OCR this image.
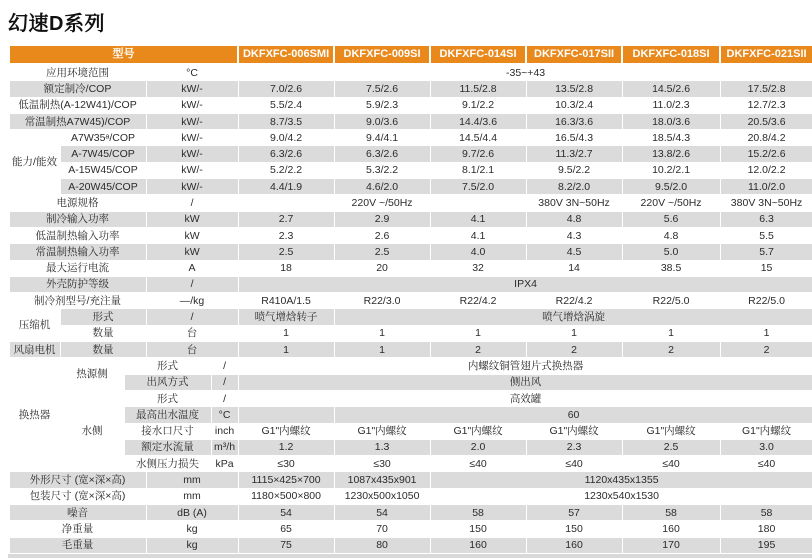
幻速D系列
型号					DKFXFC-006SMI	DKFXFC-009SI	DKFXFC-014SI	DKFXFC-017SII	DKFXFC-018SI	DKFXFC-021SII
应用环境范围			°C		-35~+43					
额定制冷/COP			kW/-		7.0/2.6	7.5/2.6	11.5/2.8	13.5/2.8	14.5/2.6	17.5/2.8
低温制热(A-12W41)/COP			kW/-		5.5/2.4	5.9/2.3	9.1/2.2	10.3/2.4	11.0/2.3	12.7/2.3
常温制热A7W45)/COP			kW/-		8.7/3.5	9.0/3.6	14.4/3.6	16.3/3.6	18.0/3.6	20.5/3.6
能力/能效	A7W35ᵃ/COP		kW/-		9.0/4.2	9.4/4.1	14.5/4.4	16.5/4.3	18.5/4.3	20.8/4.2
	A-7W45/COP		kW/-		6.3/2.6	6.3/2.6	9.7/2.6	11.3/2.7	13.8/2.6	15.2/2.6
	A-15W45/COP		kW/-		5.2/2.2	5.3/2.2	8.1/2.1	9.5/2.2	10.2/2.1	12.0/2.2
	A-20W45/COP		kW/-		4.4/1.9	4.6/2.0	7.5/2.0	8.2/2.0	9.5/2.0	11.0/2.0
电源规格			/		220V ~/50Hz			380V 3N~50Hz	220V ~/50Hz	380V 3N~50Hz
制冷输入功率			kW		2.7	2.9	4.1	4.8	5.6	6.3
低温制热输入功率			kW		2.3	2.6	4.1	4.3	4.8	5.5
常温制热输入功率			kW		2.5	2.5	4.0	4.5	5.0	5.7
最大运行电流			A		18	20	32	14	38.5	15
外壳防护等级			/		IPX4					
制冷剂型号/充注量			—/kg		R410A/1.5	R22/3.0	R22/4.2	R22/4.2	R22/5.0	R22/5.0
压缩机	形式		/		喷气增焓转子	喷气增焓涡旋				
	数量		台		1	1	1	1	1	1
风扇电机	数量		台		1	1	2	2	2	2
换热器	热源侧	形式		/	内螺纹铜管翅片式换热器					
		出风方式		/	侧出风					
	水侧	形式		/	高效罐					
		最高出水温度		°C		60				
		接水口尺寸		inch	G1"内螺纹	G1"内螺纹	G1"内螺纹	G1"内螺纹	G1"内螺纹	G1"内螺纹
		额定水流量		m³/h	1.2	1.3	2.0	2.3	2.5	3.0
		水侧压力损失		kPa	≤30	≤30	≤40	≤40	≤40	≤40
外形尺寸 (宽×深×高)			mm		1115×425×700	1087x435x901	1120x435x1355			
包装尺寸 (宽×深×高)			mm		1180×500×800	1230x500x1050	1230x540x1530			
噪音			dB (A)		54	54	58	57	58	58
净重量			kg		65	70	150	150	160	180
毛重量			kg		75	80	160	160	170	195
